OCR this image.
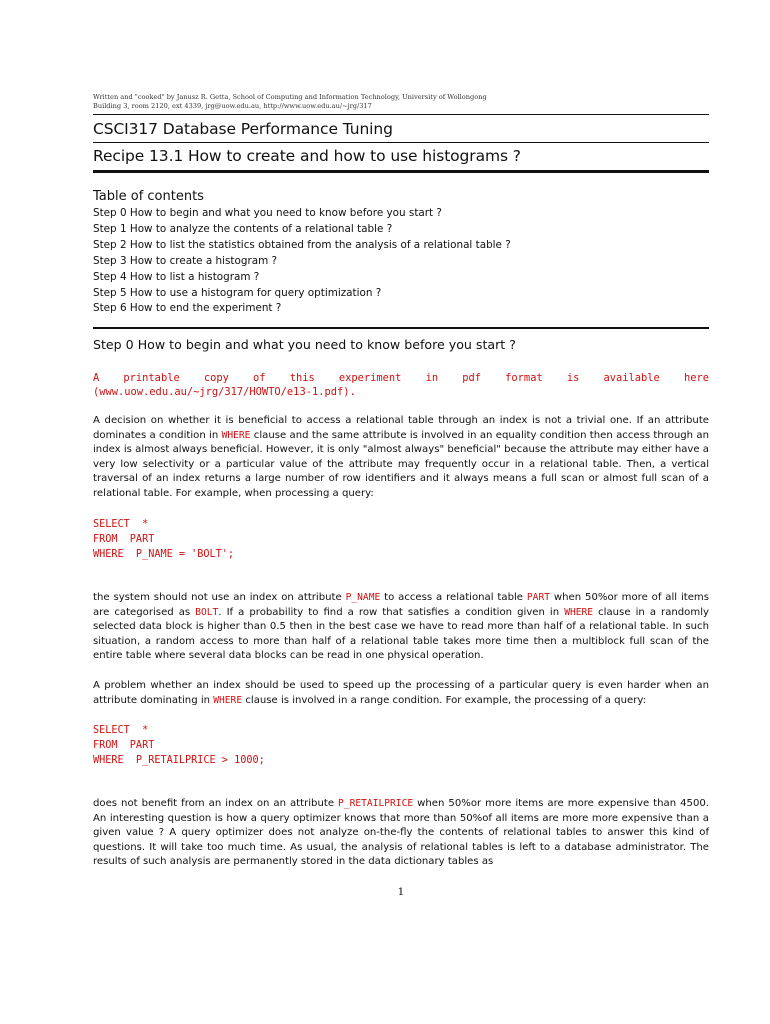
Written and "cooked" by Janusz R. Getta, School of Computing and Information Technology, University of Wollongong
Building 3, room 2120, ext 4339, jrg@uow.edu.au, http://www.uow.edu.au/~jrg/317
CSCI317 Database Performance Tuning
Recipe 13.1 How to create and how to use histograms ?
Table of contents
Step 0 How to begin and what you need to know before you start ?
Step 1 How to analyze the contents of a relational table ?
Step 2 How to list the statistics obtained from the analysis of a relational table ?
Step 3 How to create a histogram ?
Step 4 How to list a histogram ?
Step 5 How to use a histogram for query optimization ?
Step 6 How to end the experiment ?
Step 0 How to begin and what you need to know before you start ?
A printable copy of this experiment in pdf format is available here (www.uow.edu.au/~jrg/317/HOWTO/e13-1.pdf).
A decision on whether it is beneficial to access a relational table through an index is not a trivial one. If an attribute dominates a condition in WHERE clause and the same attribute is involved in an equality condition then access through an index is almost always beneficial. However, it is only "almost always" beneficial" because the attribute may either have a very low selectivity or a particular value of the attribute may frequently occur in a relational table. Then, a vertical traversal of an index returns a large number of row identifiers and it always means a full scan or almost full scan of a relational table. For example, when processing a query:
SELECT  *
FROM  PART
WHERE  P_NAME = 'BOLT';
the system should not use an index on attribute P_NAME to access a relational table PART when 50%or more of all items are categorised as BOLT. If a probability to find a row that satisfies a condition given in WHERE clause in a randomly selected data block is higher than 0.5 then in the best case we have to read more than half of a relational table. In such situation, a random access to more than half of a relational table takes more time then a multiblock full scan of the entire table where several data blocks can be read in one physical operation.
A problem whether an index should be used to speed up the processing of a particular query is even harder when an attribute dominating in WHERE clause is involved in a range condition. For example, the processing of a query:
SELECT  *
FROM  PART
WHERE  P_RETAILPRICE > 1000;
does not benefit from an index on an attribute P_RETAILPRICE when 50%or more items are more expensive than 4500. An interesting question is how a query optimizer knows that more than 50%of all items are more more expensive than a given value ? A query optimizer does not analyze on-the-fly the contents of relational tables to answer this kind of questions. It will take too much time. As usual, the analysis of relational tables is left to a database administrator. The results of such analysis are permanently stored in the data dictionary tables as
1
